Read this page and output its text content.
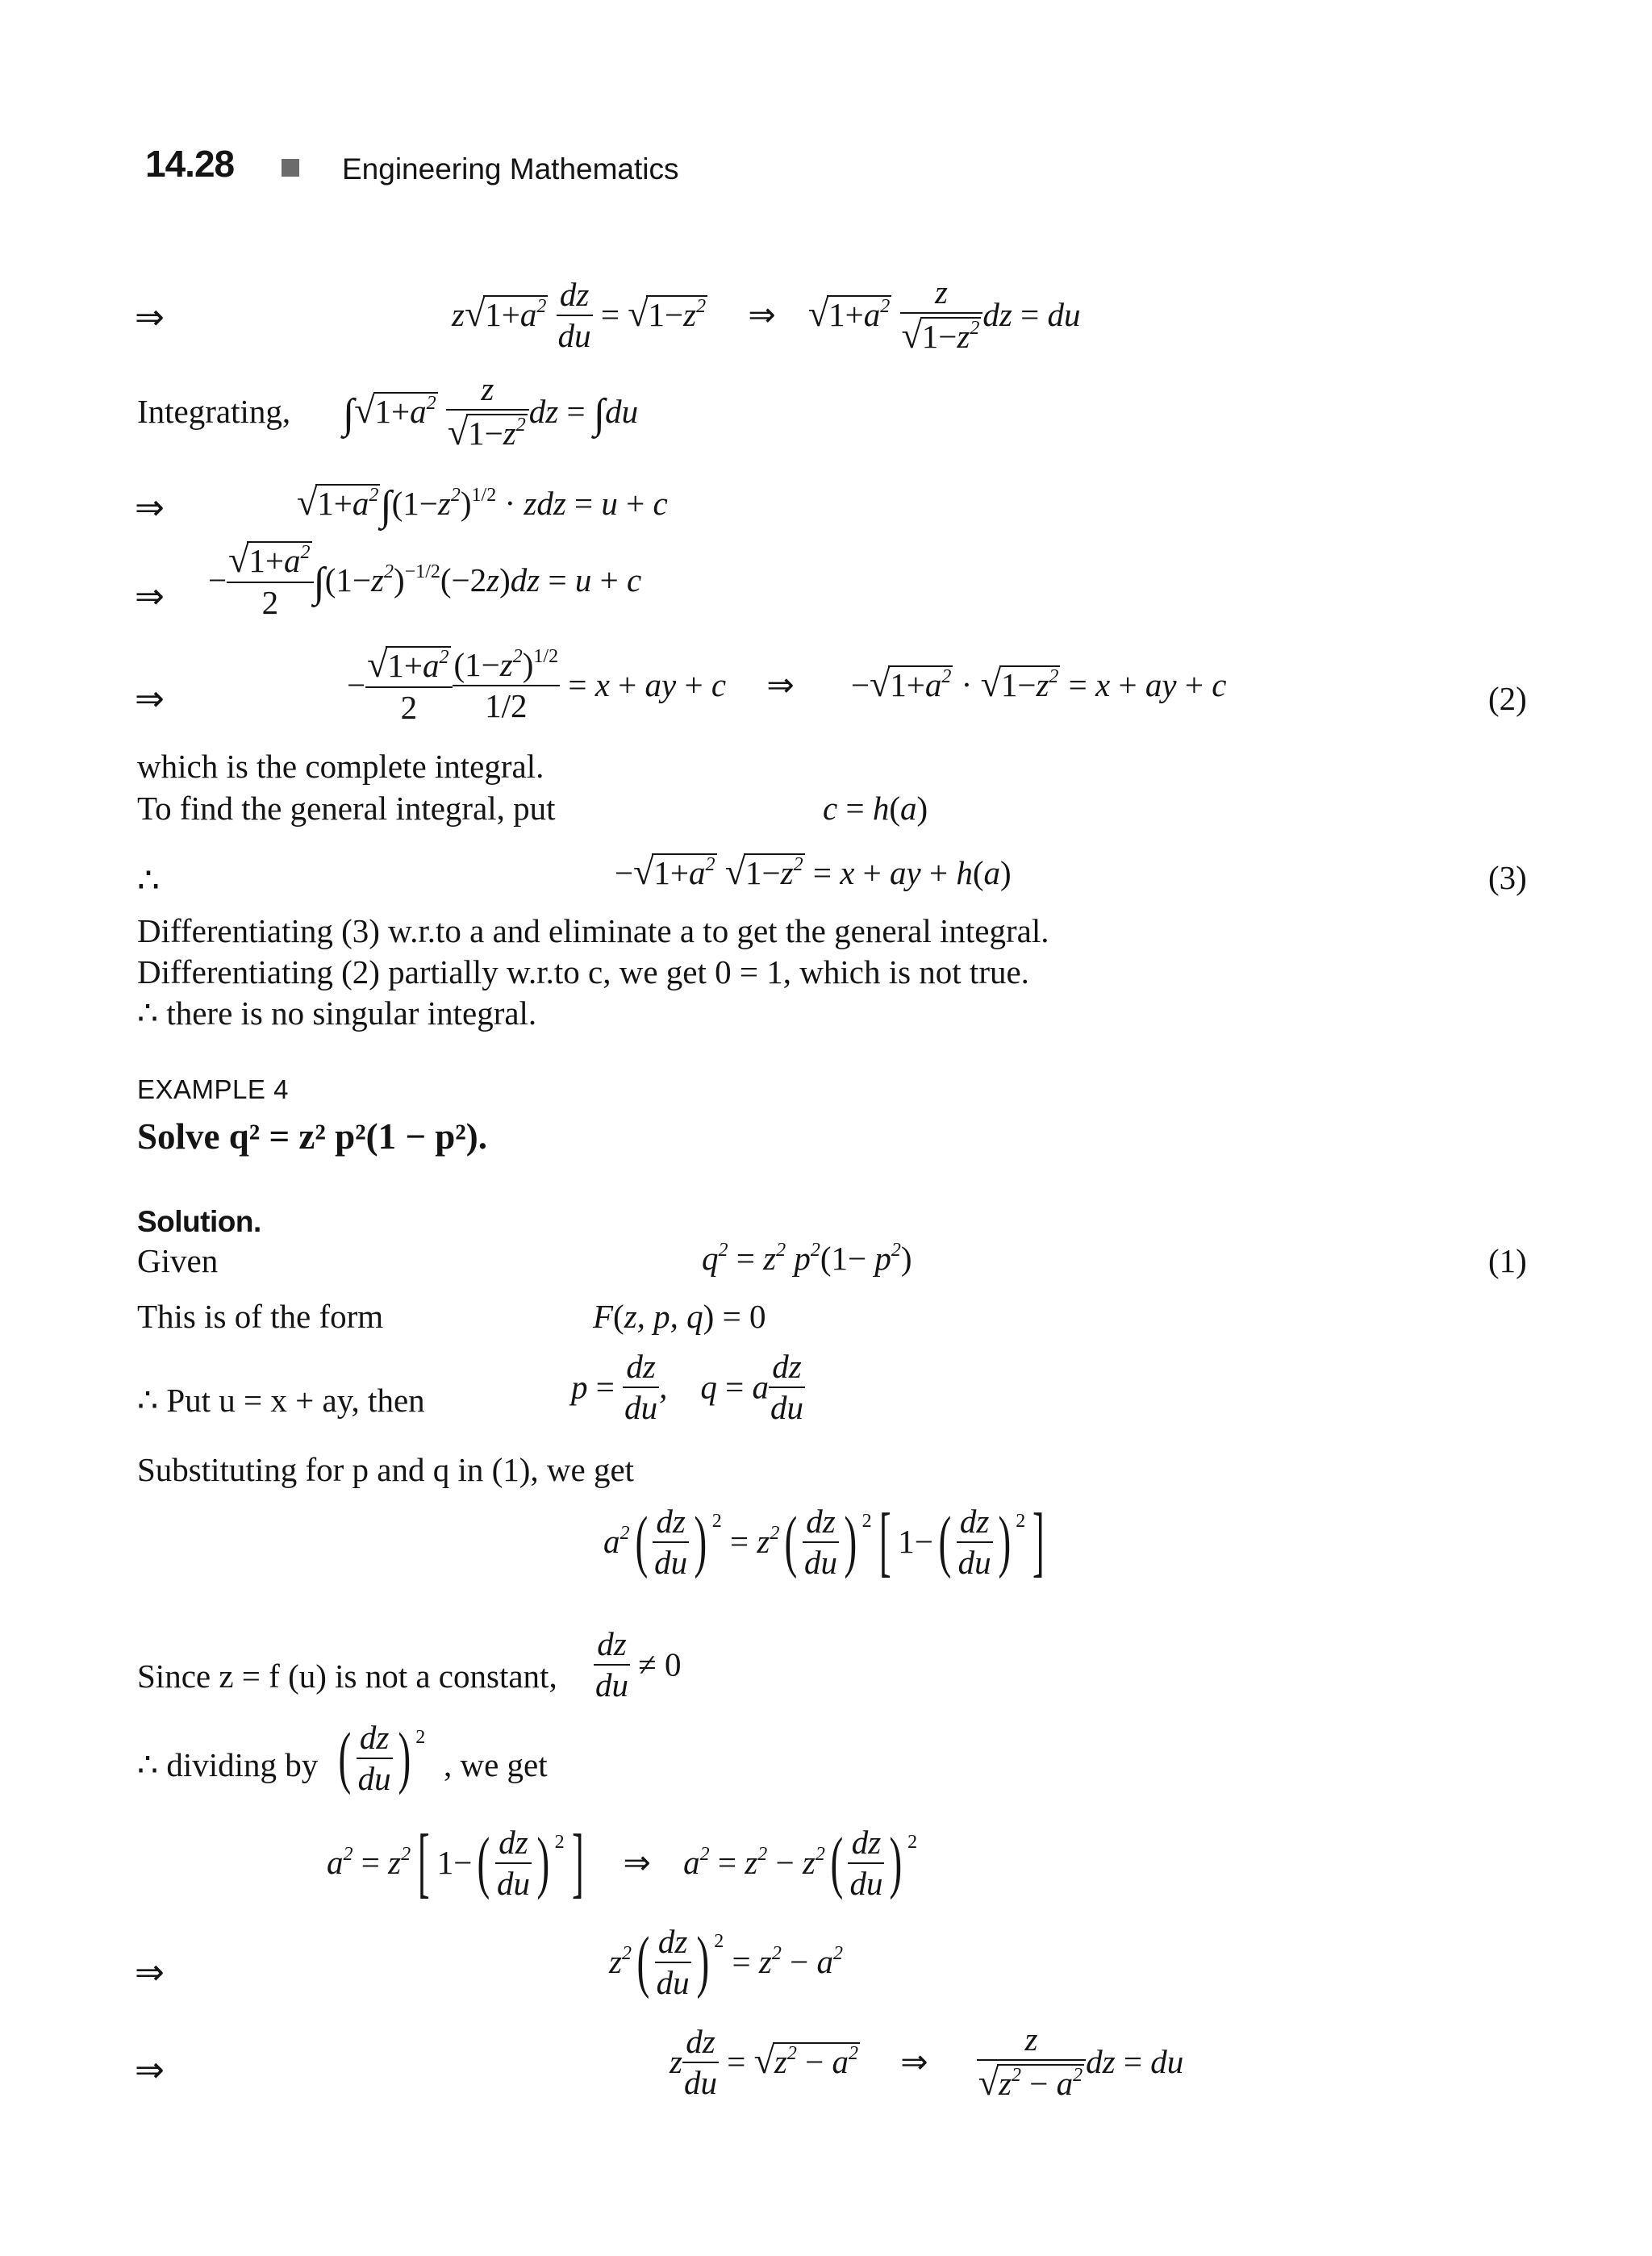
14.28	Engineering Mathematics
⇒	$z√1+a^2 \frac{dz}{du} = √1-z^2$ ⇒ $√1+a^2 \frac{z}{√1-z^2}$ dz = du
Integrating, $\int√1+a^2 \frac{z}{√1-z^2}$ dz = ∫du
⇒	$√1+a^2\int(1-z^2)^{1/2}$ · zdz = u + c
⇒ − $\frac{√1+a^2}{2} \int(1-z^2)^{-1/2}(-2z)dz = u + c$
⇒	− $\frac{√1+a^2}{2} \frac{(1-z^2)^{1/2}}{1/2} = x$ + ay + c ⇒ $-√1+a^2 \cdot √1-z^2 = x$ + ay + c	(2)
which is the complete integral.
To find the general integral, put	c = h(a)
∴	$-√1+a^2$ $√1-z^2 = x$ + ay + h(a)	(3)
Differentiating (3) w.r.to a and eliminate a to get the general integral.
Differentiating (2) partially w.r.to c, we get 0 = 1, which is not true.
∴ there is no singular integral.
EXAMPLE 4
Solve q² = z² p²(1 − p²).
Solution.
Given	$q^2 = z^2$ $p^2(1- p^2)$	(1)
This is of the form	F(z, p, q) = 0
∴ Put u = x + ay, then	$p = \frac{dz}{du}$ ,    q = a $\frac{dz}{du}$
Substituting for p and q in (1), we get
$a^2( \frac{dz}{du}$ ) $^2 = z^2( \frac{dz}{du}$ ) $^2$[ $1-( \frac{dz}{du}$ ) $^2$]
Since z = f (u) is not a constant, $\frac{dz}{du} \ne 0$
∴ dividing by ( $\frac{dz}{du}$ ) $^2$
, we get
$a^2 = z^2$[ $1-( \frac{dz}{du}$ ) $^2$] ⇒ $a^2 = z^2 - z^2( \frac{dz}{du}$ ) $^2$
⇒	$z^2( \frac{dz}{du}$ ) $^2 = z^2 - a^2$
⇒	z $\frac{dz}{du} = √z^2 - a^2$ ⇒ $\frac{z}{√z^2 - a^2}$ dz = du
